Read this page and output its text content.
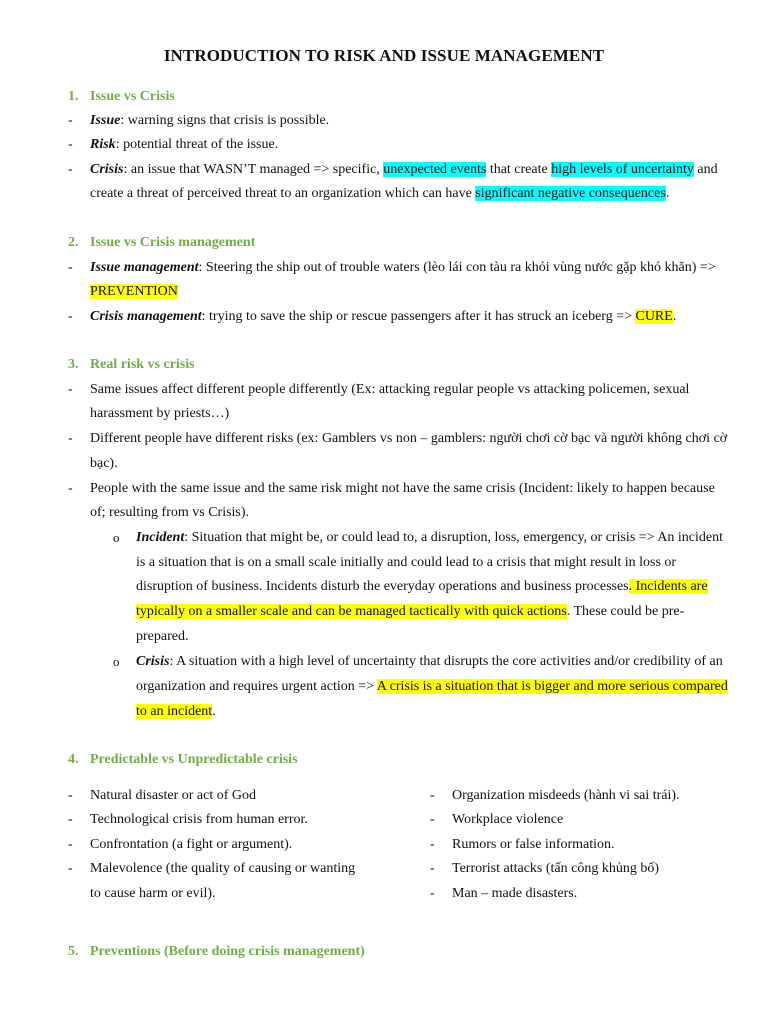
INTRODUCTION TO RISK AND ISSUE MANAGEMENT
1. Issue vs Crisis
- Issue: warning signs that crisis is possible.
- Risk: potential threat of the issue.
- Crisis: an issue that WASN’T managed => specific, unexpected events that create high levels of uncertainty and
create a threat of perceived threat to an organization which can have significant negative consequences.
2. Issue vs Crisis management
- Issue management: Steering the ship out of trouble waters (lèo lái con tàu ra khỏi vùng nước gặp khó khăn) =>
PREVENTION
- Crisis management: trying to save the ship or rescue passengers after it has struck an iceberg => CURE.
3. Real risk vs crisis
- Same issues affect different people differently (Ex: attacking regular people vs attacking policemen, sexual
harassment by priests…)
- Different people have different risks (ex: Gamblers vs non – gamblers: người chơi cờ bạc và người không chơi cờ
bạc).
- People with the same issue and the same risk might not have the same crisis (Incident: likely to happen because
of; resulting from vs Crisis).
o Incident: Situation that might be, or could lead to, a disruption, loss, emergency, or crisis => An incident
is a situation that is on a small scale initially and could lead to a crisis that might result in loss or
disruption of business. Incidents disturb the everyday operations and business processes. Incidents are
typically on a smaller scale and can be managed tactically with quick actions. These could be pre-
prepared.
o Crisis: A situation with a high level of uncertainty that disrupts the core activities and/or credibility of an
organization and requires urgent action => A crisis is a situation that is bigger and more serious compared
to an incident.
4. Predictable vs Unpredictable crisis
- Natural disaster or act of God
- Technological crisis from human error.
- Confrontation (a fight or argument).
- Malevolence (the quality of causing or wanting
to cause harm or evil).
- Organization misdeeds (hành vi sai trái).
- Workplace violence
- Rumors or false information.
- Terrorist attacks (tấn công khủng bố)
- Man – made disasters.
5. Preventions (Before doing crisis management)
